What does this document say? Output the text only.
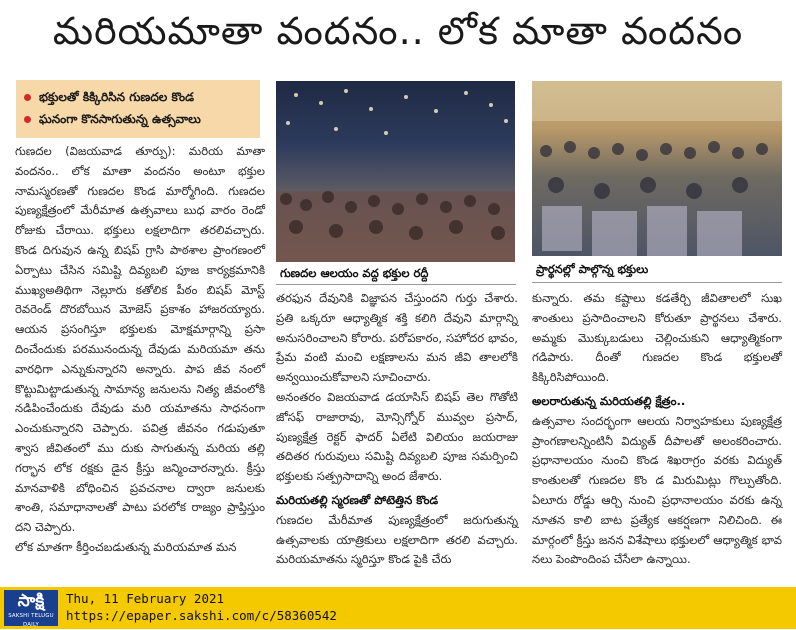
మరియమాతా వందనం.. లోక మాతా వందనం
భక్తులతో కిక్కిరిసిన గుణదల కొండ
ఘనంగా కొనసాగుతున్న ఉత్సవాలు

గుణదల (విజయవాడ తూర్పు): మరియ మాతా వందనం.. లోక మాతా వందనం అంటూ భక్తుల నామస్మరణతో గుణదల కొండ మార్మోగింది. గుణదల పుణ్యక్షేత్రంలో మేరీమాత ఉత్సవాలు బుధ వారం రెండో రోజుకు చేరాయి. భక్తులు లక్షలాదిగా తరలివచ్చారు. కొండ దిగువున ఉన్న బిషప్ గ్రాసి పాఠశాల ప్రాంగణంలో ఏర్పాటు చేసిన సమిష్టి దివ్యబలి పూజ కార్యక్రమానికి ముఖ్యఅతిథిగా నెల్లూరు కతోలిక పీఠం బిషప్ మోస్ట్ రెవరెండ్ దొరబోయిన మోజెస్ ప్రకాశం హాజరయ్యారు. ఆయన ప్రసంగిస్తూ భక్తులకు మోక్షమార్గాన్ని ప్రసా దించేందుకు పరమునందున్న దేవుడు మరియమా తను వారధిగా ఎన్నుకున్నారని అన్నారు. పాప జీవ నంలో కొట్టుమిట్టాడుతున్న సామాన్య జనులను నిత్య జీవంలోకి నడిపించేందుకు దేవుడు మరి యమాతను సాధనంగా ఎంచుకున్నారని చెప్పారు. పవిత్ర జీవనం గడుపుతూ శ్వాస జీవితంలో ము దుకు సాగుతున్న మరియ తల్లి గర్భాన లోక రక్షకు డైన క్రీస్తు జన్మించారన్నారు. క్రీస్తు మానవాళికి బోధించిన ప్రవచనాల ద్వారా జనులకు శాంతి, సమాధానాలతో పాటు పరలోక రాజ్యం ప్రాప్తిస్తుం దని చెప్పారు.

లోక మాతగా కీర్తించబడుతున్న మరియమాత మన

గుణదల ఆలయం వద్ద భక్తుల రద్దీ	ప్రార్థనల్లో పాల్గొన్న భక్తులు

తరఫున దేవునికి విజ్ఞాపన చేస్తుందని గుర్తు చేశారు. ప్రతి ఒక్కరూ ఆధ్యాత్మిక శక్తి కలిగి దేవుని మార్గాన్ని అనుసరించాలని కోరారు. పరోపకారం, సహోదర భావం, ప్రేమ వంటి మంచి లక్షణాలను మన జీవి తాలలోకి అన్వయించుకోవాలని సూచించారు.

అనంతరం విజయవాడ డయాసిస్ బిషప్ తెల గొతోటి జోసఫ్ రాజారావు, మోన్సిగ్నోర్ మువ్వల ప్రసాద్, పుణ్యక్షేత్ర రెక్టర్ ఫాదర్ ఏలేటి విలియం జయరాజు తదితర గురువులు సమిష్టి దివ్యబలి పూజ సమర్పించి భక్తులకు సత్ప్రసాదాన్ని అంద జేశారు.

మరియతల్లి స్మరణతో పోటెత్తిన కొండ

గుణదల మేరీమాత పుణ్యక్షేత్రంలో జరుగుతున్న ఉత్సవాలకు యాత్రికులు లక్షలాదిగా తరలి వచ్చారు. మరియమాతను స్మరిస్తూ కొండ పైకి చేరు

కున్నారు. తమ కష్టాలు కడతేర్చి జీవితాలలో సుఖ శాంతులు ప్రసాదించాలని కోరుతూ ప్రార్థనలు చేశారు. అమ్మకు మొక్కుబడులు చెల్లించుకుని ఆధ్యాత్మికంగా గడిపారు. దీంతో గుణదల కొండ భక్తులతో కిక్కిరిసిపోయింది.

అలరారుతున్న మరియతల్లి క్షేత్రం..

ఉత్సవాల సందర్భంగా ఆలయ నిర్వాహకులు పుణ్యక్షేత్ర ప్రాంగణాలన్నింటినీ విద్యుత్ దీపాలతో అలంకరించారు. ప్రధానాలయం నుంచి కొండ శిఖరాగ్రం వరకు విద్యుత్ కాంతులతో గుణదల కొం డ మిరుమిట్లు గొల్పుతోంది. ఏలూరు రోడ్డు ఆర్చి నుంచి ప్రధానాలయం వరకు ఉన్న నూతన కాలి బాట ప్రత్యేక ఆకర్షణగా నిలిచింది. ఈ మార్గంలో క్రీస్తు జనన విశేషాలు భక్తులలో ఆధ్యాత్మిక భావ నలు పెంపొందింప చేసేలా ఉన్నాయి.

సాక్షి
SAKSHI TELUGU DAILY
Thu, 11 February 2021
https://epaper.sakshi.com/c/58360542
